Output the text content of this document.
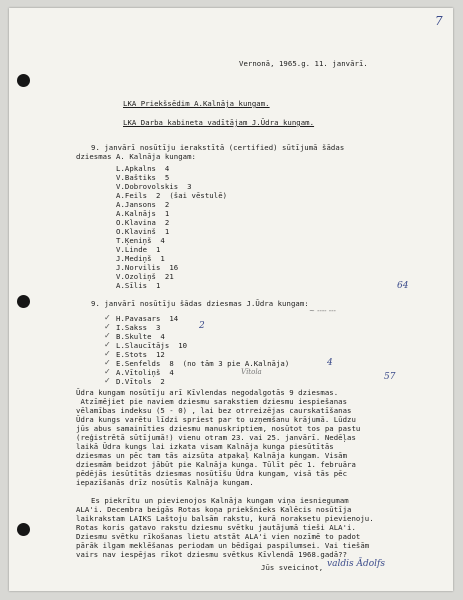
7
Vernonā, 1965.g. 11. janvārī.
LKA Priekšsēdim A.Kalnāja kungam.
LKA Darba kabineta vadītājam J.Ūdra kungam.
9. janvārī nosūtīju ierakstītā (certified) sūtījumā šādas
dziesmas A. Kalnāja kungam:
L.Apkalns  4
V.Baštiks  5
V.Dobrovolskis  3
A.Feils  2  (šai vēstulē)
A.Jansons  2
A.Kalnājs  1
O.Klavina  2
O.Klavinš  1
T.Ķeniņš  4
V.Linde  1
J.Mediņš  1
J.Norvilis  16
V.Ozoliņš  21
A.Sīlis  1	64
9. janvārī nosūtīju šādas dziesmas J.Ūdra kungam:
~ ---- ---
✓ H.Pavasars  14
✓ I.Sakss  3	2
✓ B.Skulte  4
✓ L.Slaucītājs  10
✓ E.Stots  12
✓ E.Senfelds  8  (no tām 3 pie A.Kalnāja)	4
✓ A.Vītoliņš  4	Vītola
✓ D.Vītols  2	57
Ūdra kungam nosūtīju arī Kīvlendas negodalgotās 9 dziesmas.
Atzīmējiet pie naviem dziesmu sarakstiem dziesmu iespiešanas
vēlamības indeksu (5 - 0) , lai bez otrreizējas caurskatīšanas
Ūdra kungs varētu līdzi spriest par to uzņemšanu krājumā. Lūdzu
jūs abus samainīties dziesmu manuskriptiem, nosūtot tos pa pastu
(reģistrētā sūtījumā!) vienu otram 23. vai 25. janvārī. Nedēļas
laikā Ūdra kungs lai izkata visam Kalnāja kunga piesūtītās
dziesmas un pēc tam tās aizsūta atpakaļ Kalnāja kungam. Visām
dziesmām beidzot jābūt pie Kalnāja kunga. Tūlīt pēc 1. februāra
pēdējās iesūtītās dziesmas nosūtīšu Ūdra kungam, visā tās pēc
iepazīšanās drīz nosūtīs Kalnāja kungam.
Es piekrītu un pievienojos Kalnāja kungam viņa iesniegumam
ALA'i. Decembra beigās Rotas koņa priekšnieks Kalēcis nosūtīja
laikrakstam LAIKS Laštoju balsām rakstu, kurā noraksetu pievienoju.
Rotas koris gatavo rakstu dziesmu svētku jautājumā tieši ALA'i.
Dziesmu svētku rīkošanas lietu atstāt ALA'i vien nozīmē to padot
pārāk ilgam meklēšanas periodam un bēdīgai paspilumsei. Vai tiešām
vairs nav iespējas rīkot dziesmu svētkus Kīvlendā 1968.gadā??
Jūs sveicinot, valdis Ādolfs
